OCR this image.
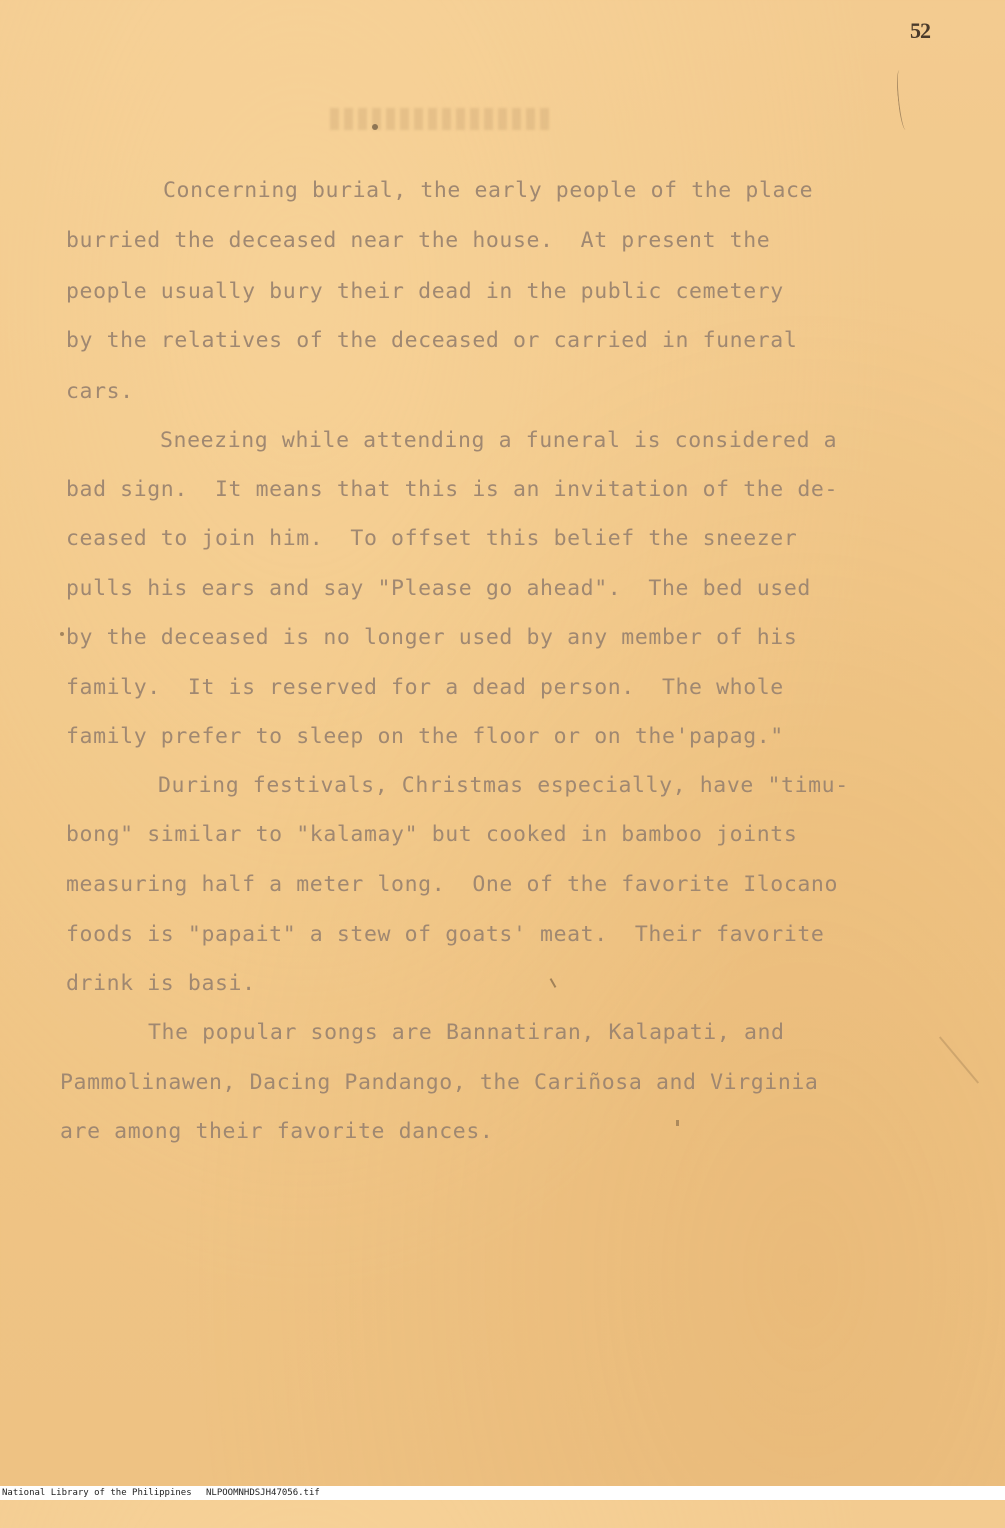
52
Concerning burial, the early people of the place
burried the deceased near the house.  At present the
people usually bury their dead in the public cemetery
by the relatives of the deceased or carried in funeral
cars.
Sneezing while attending a funeral is considered a
bad sign.  It means that this is an invitation of the de-
ceased to join him.  To offset this belief the sneezer
pulls his ears and say "Please go ahead".  The bed used
by the deceased is no longer used by any member of his
family.  It is reserved for a dead person.  The whole
family prefer to sleep on the floor or on the'papag."
During festivals, Christmas especially, have "timu-
bong" similar to "kalamay" but cooked in bamboo joints
measuring half a meter long.  One of the favorite Ilocano
foods is "papait" a stew of goats' meat.  Their favorite
drink is basi.
The popular songs are Bannatiran, Kalapati, and
Pammolinawen, Dacing Pandango, the Cariñosa and Virginia
are among their favorite dances.

National Library of the Philippines

NLPOOMNHDSJH47056.tif
